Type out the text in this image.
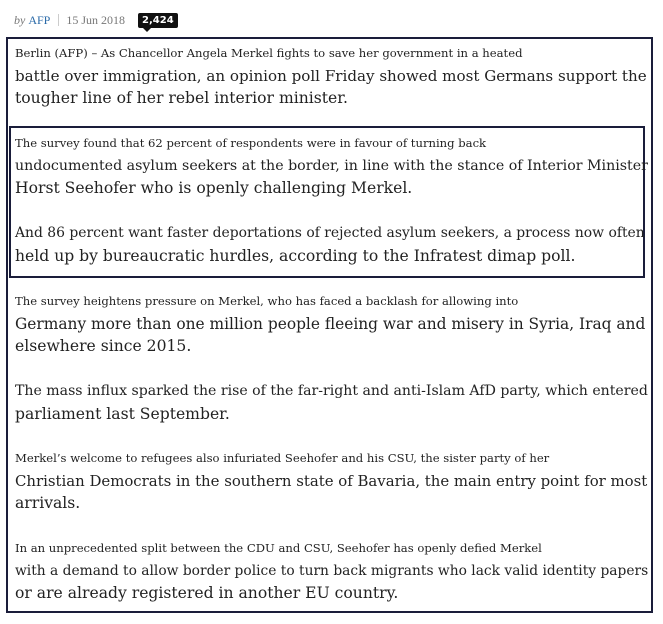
by AFP 15 Jun 2018	2,424
Berlin (AFP) – As Chancellor Angela Merkel fights to save her government in a heated
battle over immigration, an opinion poll Friday showed most Germans support the
tougher line of her rebel interior minister.
The survey found that 62 percent of respondents were in favour of turning back
undocumented asylum seekers at the border, in line with the stance of Interior Minister
Horst Seehofer who is openly challenging Merkel.
And 86 percent want faster deportations of rejected asylum seekers, a process now often
held up by bureaucratic hurdles, according to the Infratest dimap poll.
The survey heightens pressure on Merkel, who has faced a backlash for allowing into
Germany more than one million people fleeing war and misery in Syria, Iraq and
elsewhere since 2015.
The mass influx sparked the rise of the far-right and anti-Islam AfD party, which entered
parliament last September.
Merkel’s welcome to refugees also infuriated Seehofer and his CSU, the sister party of her
Christian Democrats in the southern state of Bavaria, the main entry point for most
arrivals.
In an unprecedented split between the CDU and CSU, Seehofer has openly defied Merkel
with a demand to allow border police to turn back migrants who lack valid identity papers
or are already registered in another EU country.
